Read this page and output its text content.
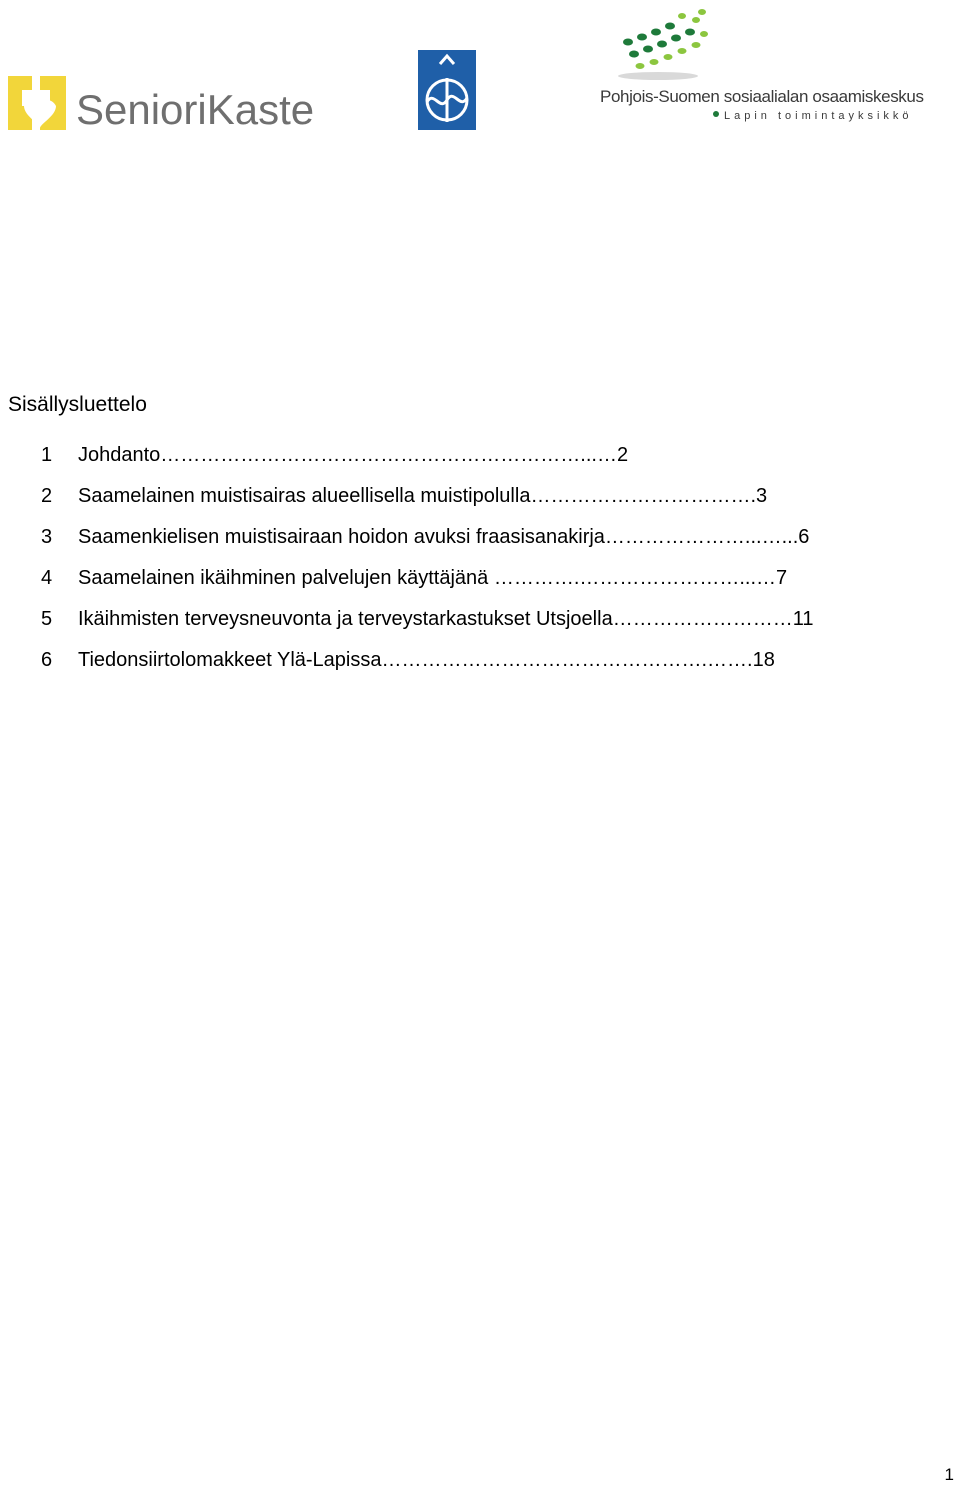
SenioriKaste	Pohjois-Suomen sosiaalialan osaamiskeskus
Lapin toimintayksikkö
Sisällysluettelo
1 Johdanto………………………………………………………...…2
2 Saamelainen muistisairas alueellisella muistipolulla…………………………….3
3 Saamenkielisen muistisairaan hoidon avuksi fraasisanakirja…………………...…...6
4 Saamelainen ikäihminen palvelujen käyttäjänä ………….……………………...…7
5 Ikäihmisten terveysneuvonta ja terveystarkastukset Utsjoella………………………11
6 Tiedonsiirtolomakkeet Ylä-Lapissa………………………………………….…….18
1
